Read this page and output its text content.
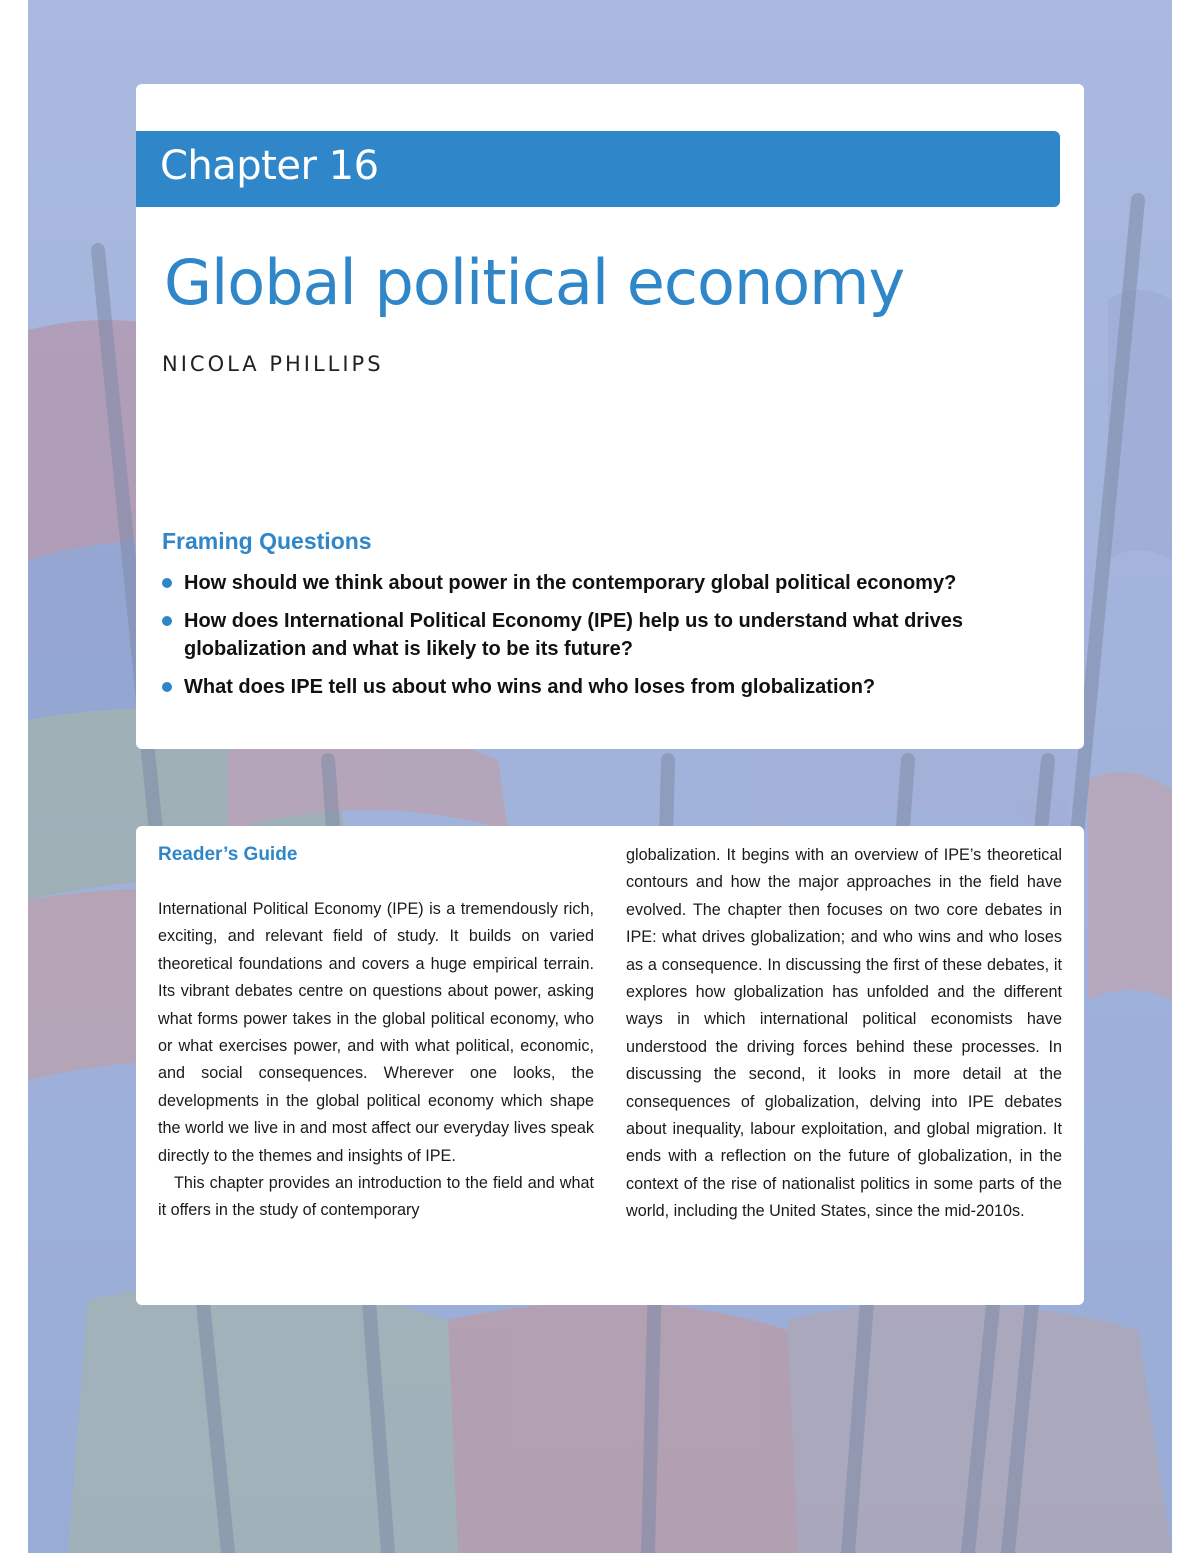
Chapter 16
Global political economy
NICOLA PHILLIPS
Framing Questions
How should we think about power in the contemporary global political economy?
How does International Political Economy (IPE) help us to understand what drives globalization and what is likely to be its future?
What does IPE tell us about who wins and who loses from globalization?
Reader’s Guide

International Political Economy (IPE) is a tremendously rich, exciting, and relevant field of study. It builds on varied theoretical foundations and covers a huge empirical terrain. Its vibrant debates centre on questions about power, asking what forms power takes in the global political economy, who or what exercises power, and with what political, economic, and social consequences. Wherever one looks, the developments in the global political economy which shape the world we live in and most affect our everyday lives speak directly to the themes and insights of IPE.

This chapter provides an introduction to the field and what it offers in the study of contemporary

globalization. It begins with an overview of IPE’s theoretical contours and how the major approaches in the field have evolved. The chapter then focuses on two core debates in IPE: what drives globalization; and who wins and who loses as a consequence. In discussing the first of these debates, it explores how globalization has unfolded and the different ways in which international political economists have understood the driving forces behind these processes. In discussing the second, it looks in more detail at the consequences of globalization, delving into IPE debates about inequality, labour exploitation, and global migration. It ends with a reflection on the future of globalization, in the context of the rise of nationalist politics in some parts of the world, including the United States, since the mid-2010s.
